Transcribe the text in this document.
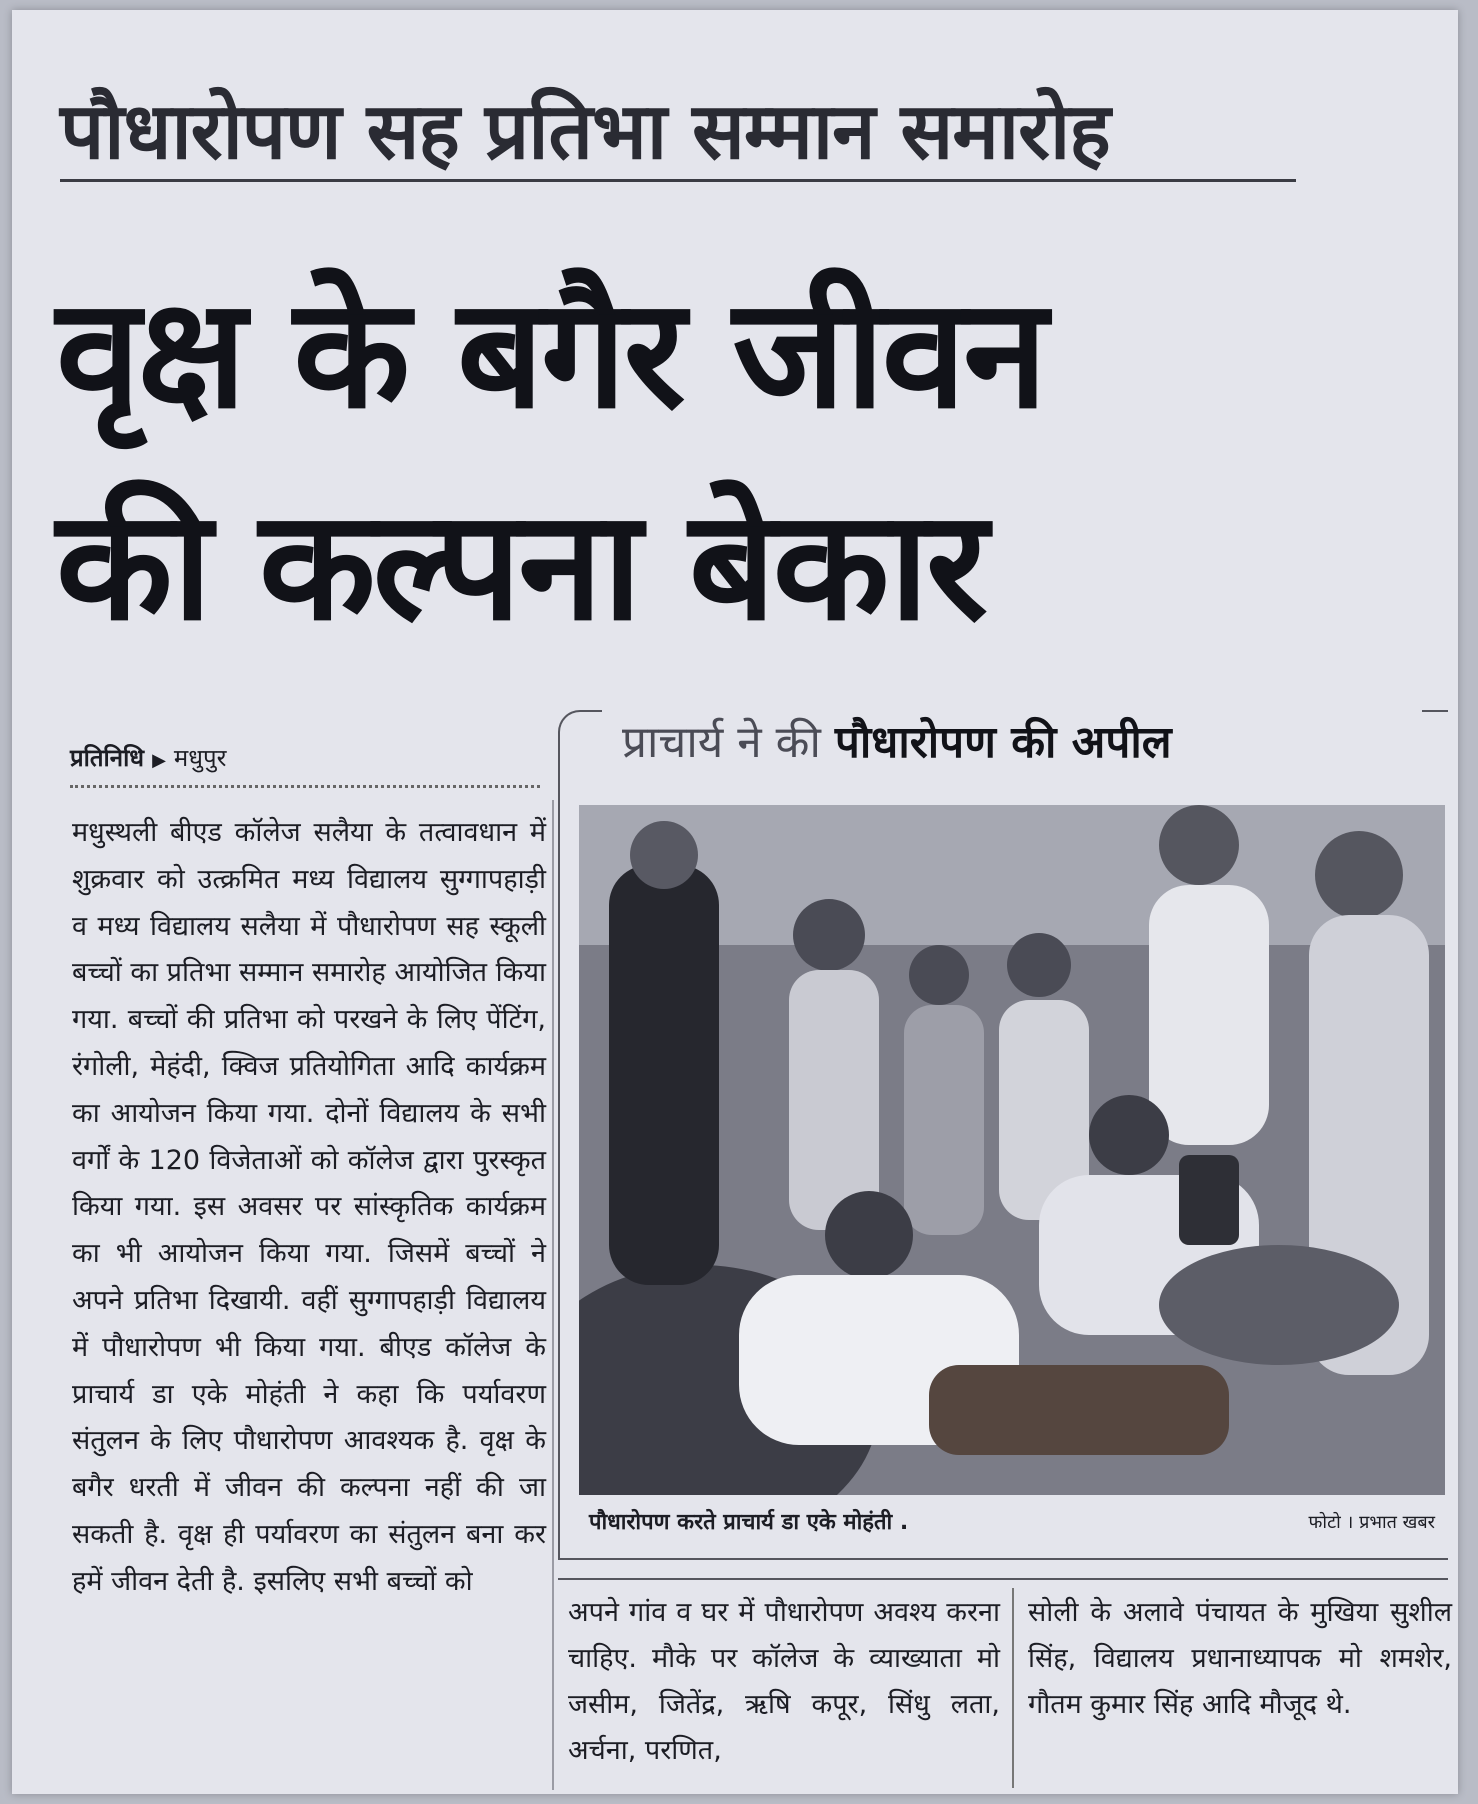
पौधारोपण सह प्रतिभा सम्मान समारोह
वृक्ष के बगैर जीवन
की कल्पना बेकार
प्रतिनिधि ▶ मधुपुर

मधुस्थली बीएड कॉलेज सलैया के तत्वावधान में शुक्रवार को उत्क्रमित मध्य विद्यालय सुग्गापहाड़ी व मध्य विद्यालय सलैया में पौधारोपण सह स्कूली बच्चों का प्रतिभा सम्मान समारोह आयोजित किया गया. बच्चों की प्रतिभा को परखने के लिए पेंटिंग, रंगोली, मेहंदी, क्विज प्रतियोगिता आदि कार्यक्रम का आयोजन किया गया. दोनों विद्यालय के सभी वर्गों के 120 विजेताओं को कॉलेज द्वारा पुरस्कृत किया गया. इस अवसर पर सांस्कृतिक कार्यक्रम का भी आयोजन किया गया. जिसमें बच्चों ने अपने प्रतिभा दिखायी. वहीं सुग्गापहाड़ी विद्यालय में पौधारोपण भी किया गया. बीएड कॉलेज के प्राचार्य डा एके मोहंती ने कहा कि पर्यावरण संतुलन के लिए पौधारोपण आवश्यक है. वृक्ष के बगैर धरती में जीवन की कल्पना नहीं की जा सकती है. वृक्ष ही पर्यावरण का संतुलन बना कर हमें जीवन देती है. इसलिए सभी बच्चों को

प्राचार्य ने की पौधारोपण की अपील
पौधारोपण करते प्राचार्य डा एके मोहंती .	फोटो । प्रभात खबर
अपने गांव व घर में पौधारोपण अवश्य करना चाहिए. मौके पर कॉलेज के व्याख्याता मो जसीम, जितेंद्र, ऋषि कपूर, सिंधु लता, अर्चना, परणित,
सोली के अलावे पंचायत के मुखिया सुशील सिंह, विद्यालय प्रधानाध्यापक मो शमशेर, गौतम कुमार सिंह आदि मौजूद थे.
